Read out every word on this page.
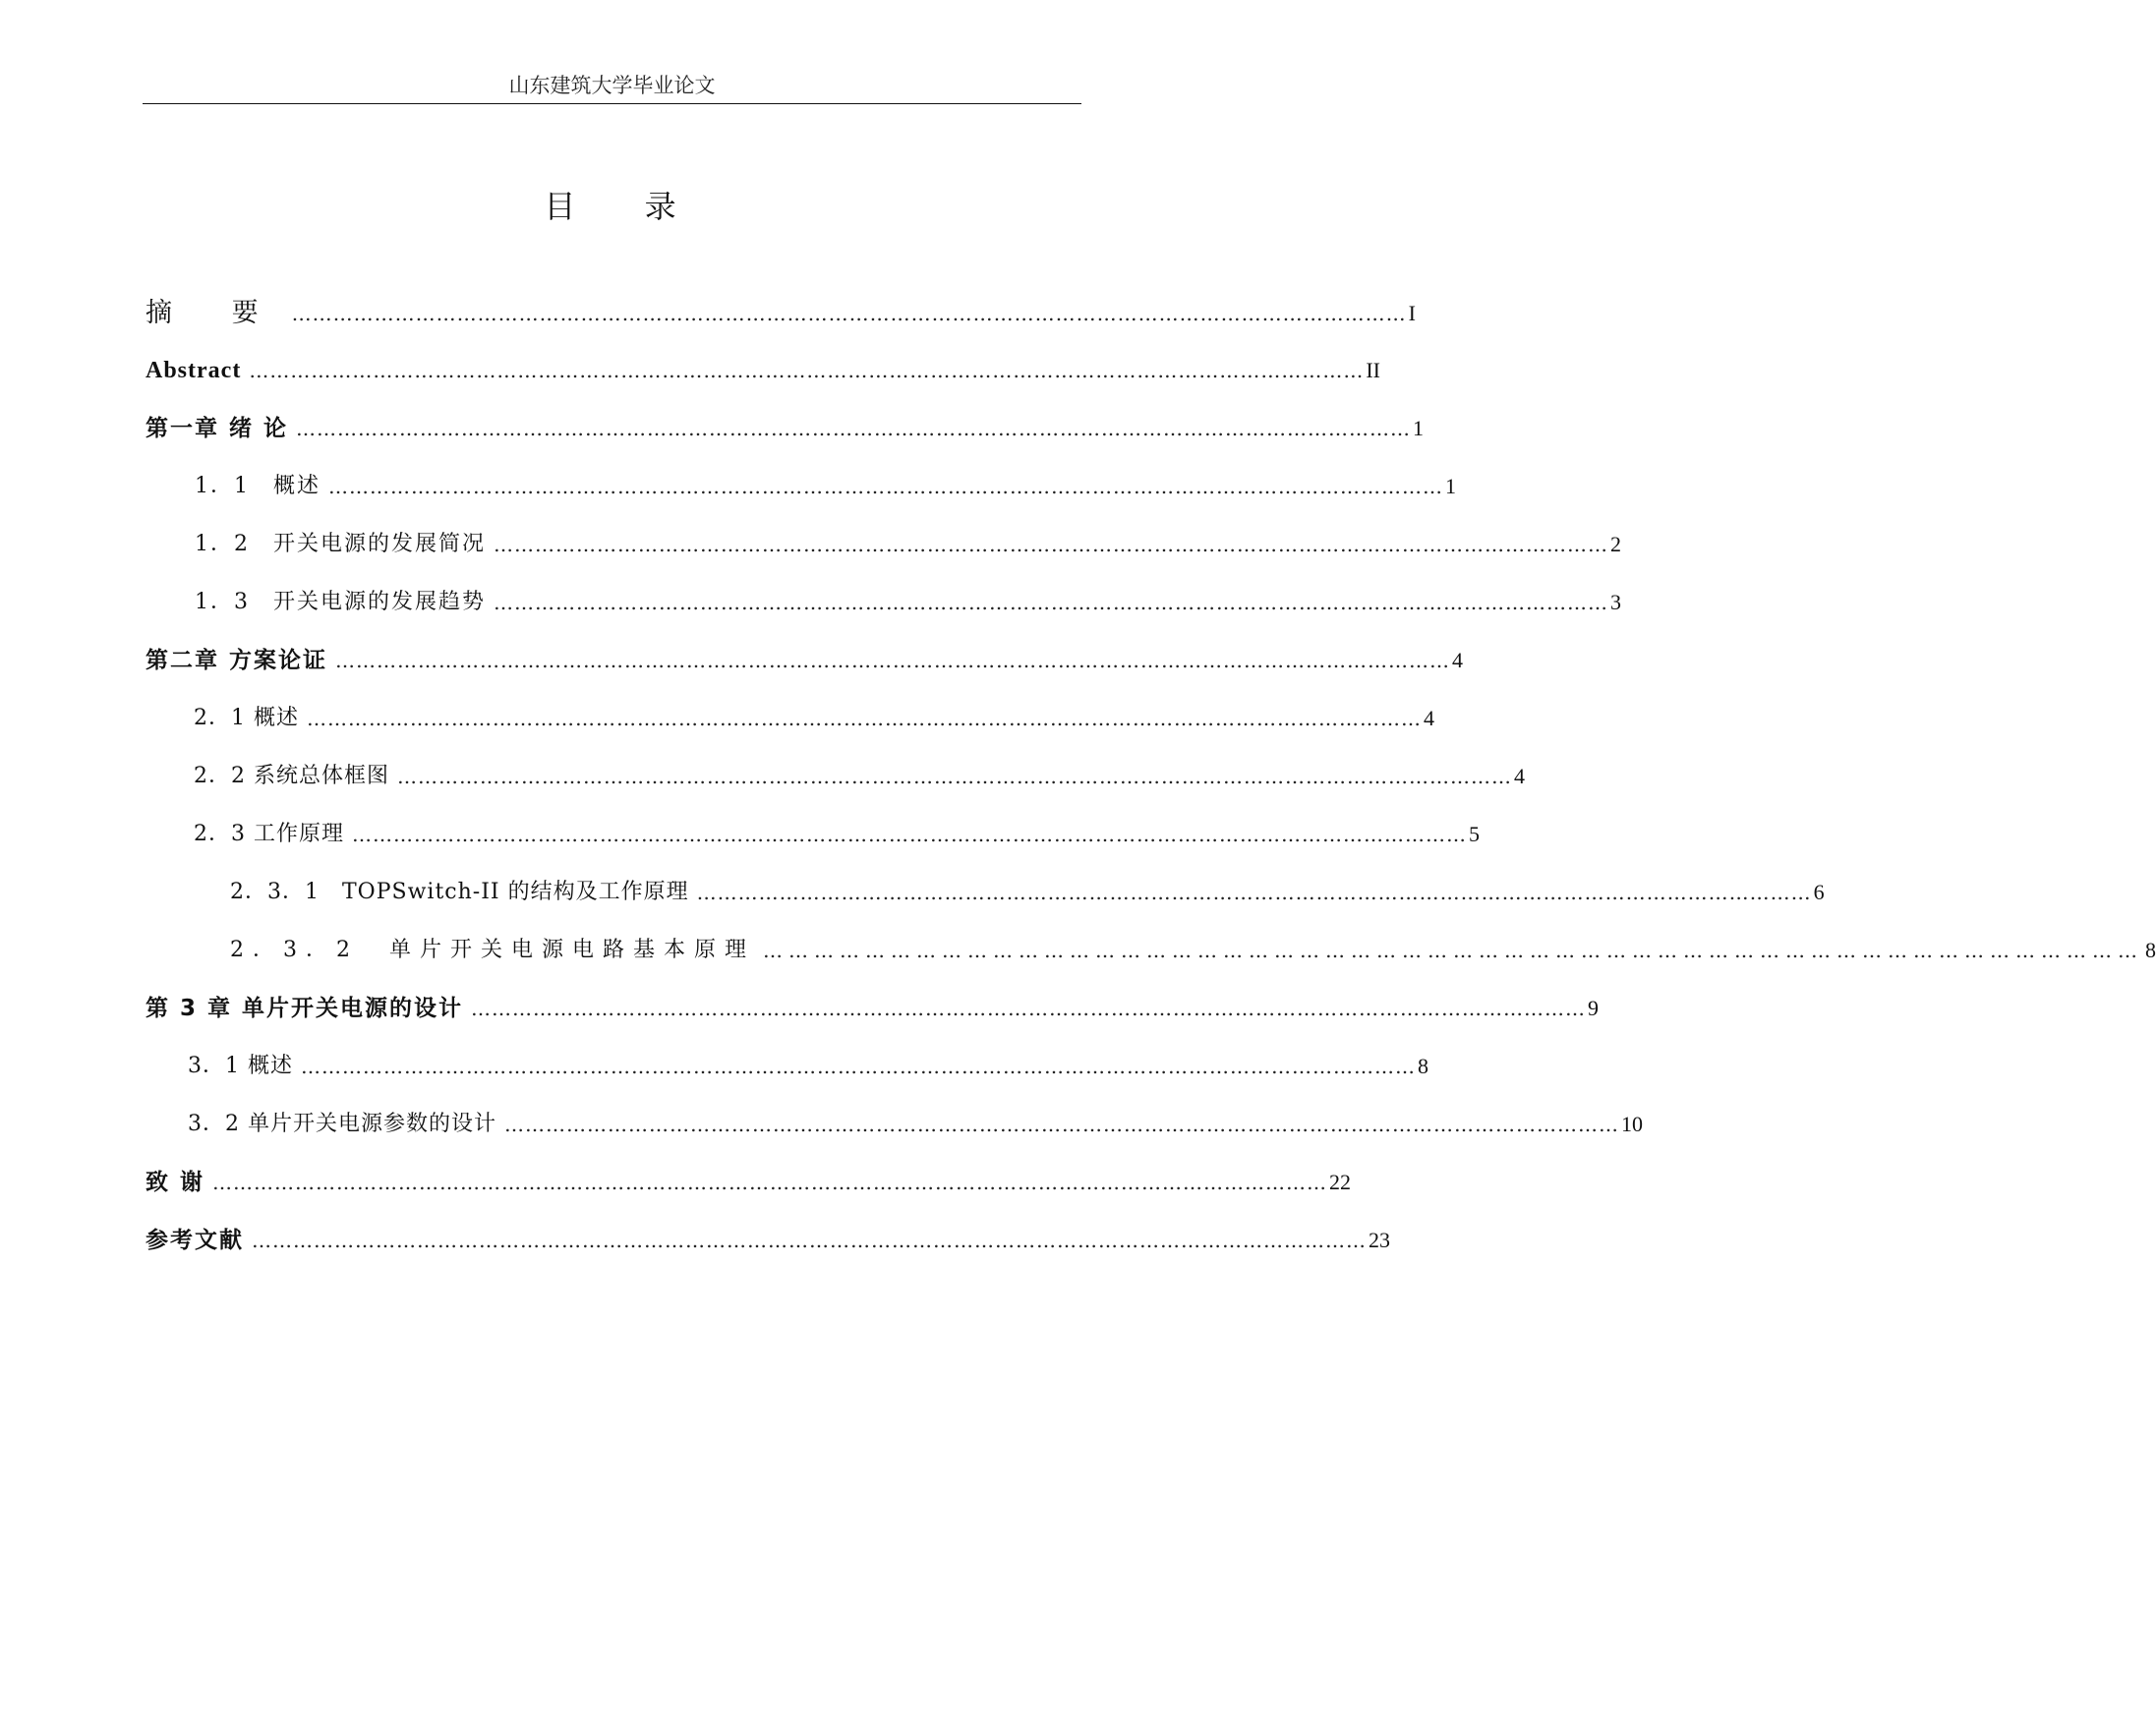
山东建筑大学毕业论文
目 录
摘 要 ……………………………………………………………………………………………………………………………………………… I
Abstract ……………………………………………………………………………………………………………………………………………… II
第一章 绪 论 ……………………………………………………………………………………………………………………………………………… 1
1．1　概述 ……………………………………………………………………………………………………………………………………………… 1
1．2　开关电源的发展简况 ……………………………………………………………………………………………………………………………………………… 2
1．3　开关电源的发展趋势 ……………………………………………………………………………………………………………………………………………… 3
第二章 方案论证 ……………………………………………………………………………………………………………………………………………… 4
2．1 概述 ……………………………………………………………………………………………………………………………………………… 4
2．2 系统总体框图 ……………………………………………………………………………………………………………………………………………… 4
2．3 工作原理 ……………………………………………………………………………………………………………………………………………… 5
2．3．1　TOPSwitch-II 的结构及工作原理 ……………………………………………………………………………………………………………………………………………… 6
2．3．2　单片开关电源电路基本原理 ……………………………………………………………………………………………………………………………………………… 8
第 3 章 单片开关电源的设计 ……………………………………………………………………………………………………………………………………………… 9
3．1 概述 ……………………………………………………………………………………………………………………………………………… 8
3．2 单片开关电源参数的设计 ……………………………………………………………………………………………………………………………………………… 10
致 谢 ……………………………………………………………………………………………………………………………………………… 22
参考文献 ……………………………………………………………………………………………………………………………………………… 23
